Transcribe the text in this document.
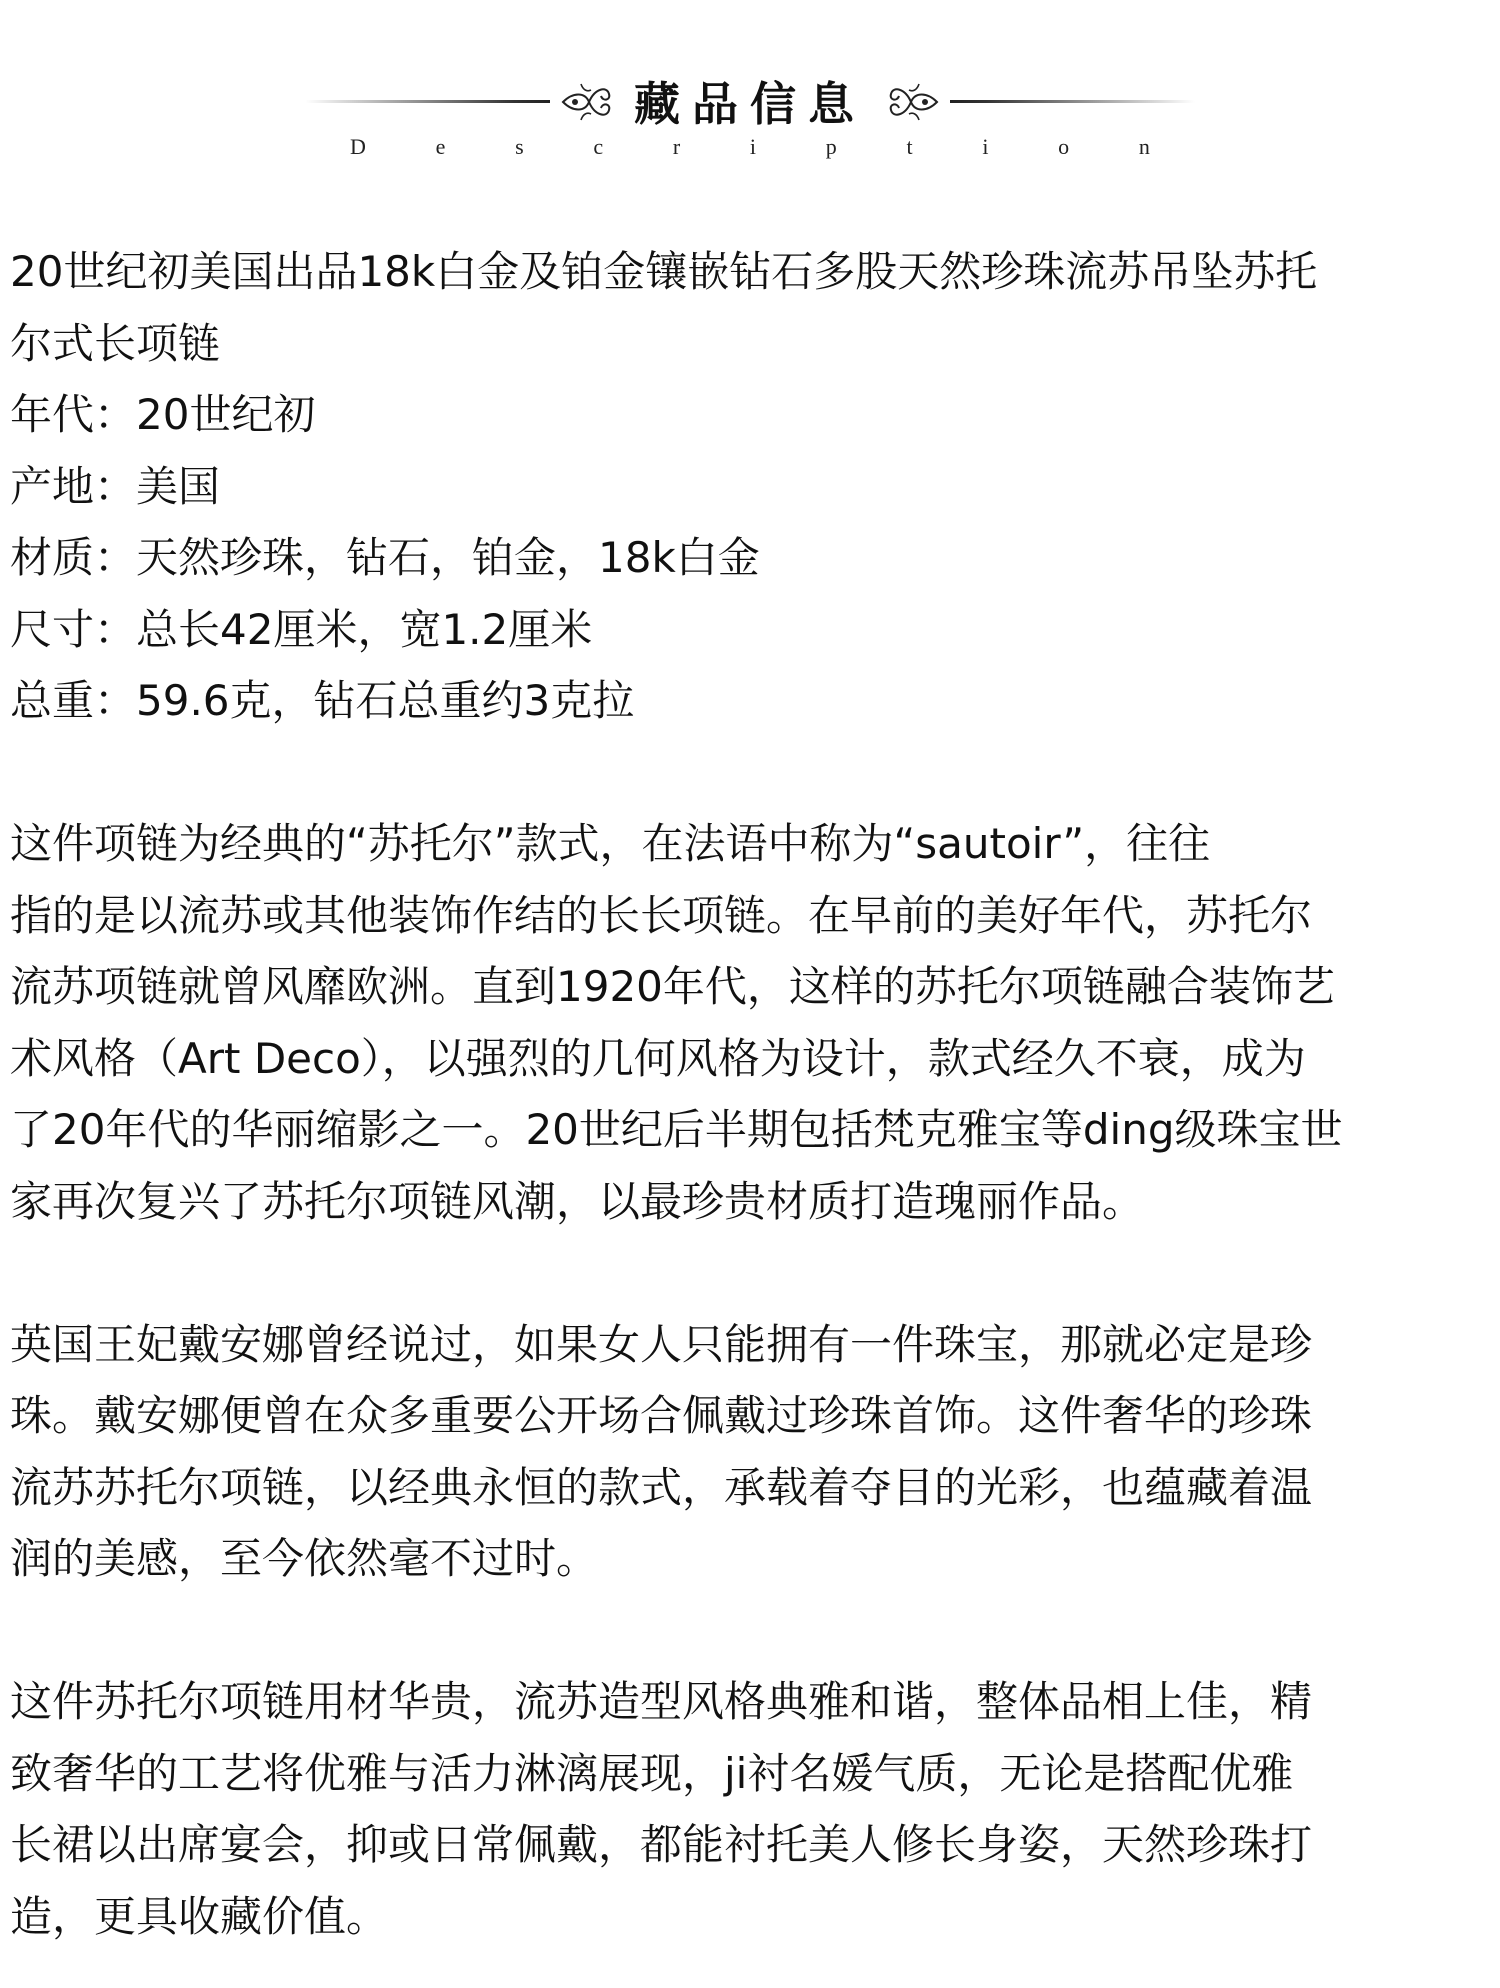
藏品信息
D	e	s	c	r	i	p	t	i	o	n

20世纪初美国出品18k白金及铂金镶嵌钻石多股天然珍珠流苏吊坠苏托

尔式长项链

年代：20世纪初

产地：美国

材质：天然珍珠，钻石，铂金，18k白金

尺寸：总长42厘米，宽1.2厘米

总重：59.6克，钻石总重约3克拉

这件项链为经典的“苏托尔”款式，在法语中称为“sautoir”，往往

指的是以流苏或其他装饰作结的长长项链。在早前的美好年代，苏托尔

流苏项链就曾风靡欧洲。直到1920年代，这样的苏托尔项链融合装饰艺

术风格（Art Deco），以强烈的几何风格为设计，款式经久不衰，成为

了20年代的华丽缩影之一。20世纪后半期包括梵克雅宝等ding级珠宝世

家再次复兴了苏托尔项链风潮，以最珍贵材质打造瑰丽作品。

英国王妃戴安娜曾经说过，如果女人只能拥有一件珠宝，那就必定是珍

珠。戴安娜便曾在众多重要公开场合佩戴过珍珠首饰。这件奢华的珍珠

流苏苏托尔项链，以经典永恒的款式，承载着夺目的光彩，也蕴藏着温

润的美感，至今依然毫不过时。

这件苏托尔项链用材华贵，流苏造型风格典雅和谐，整体品相上佳，精

致奢华的工艺将优雅与活力淋漓展现，ji衬名媛气质，无论是搭配优雅

长裙以出席宴会，抑或日常佩戴，都能衬托美人修长身姿，天然珍珠打

造，更具收藏价值。
